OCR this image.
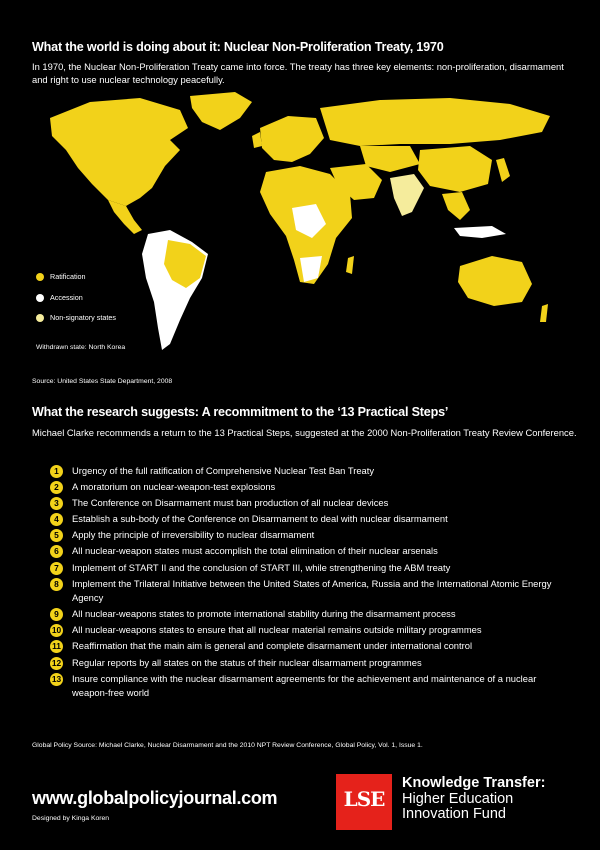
What the world is doing about it: Nuclear Non-Proliferation Treaty, 1970
In 1970, the Nuclear Non-Proliferation Treaty came into force. The treaty has three key elements: non-proliferation, disarmament and right to use nuclear technology peacefully.
Ratification
Accession
Non-signatory states
Withdrawn state: North Korea
Source: United States State Department, 2008
What the research suggests: A recommitment to the ‘13 Practical Steps’
Michael Clarke recommends a return to the 13 Practical Steps, suggested at the 2000 Non-Proliferation Treaty Review Conference.
1	Urgency of the full ratification of Comprehensive Nuclear Test Ban Treaty
2	A moratorium on nuclear-weapon-test explosions
3	The Conference on Disarmament must ban production of all nuclear devices
4	Establish a sub-body of the Conference on Disarmament to deal with nuclear disarmament
5	Apply the principle of irreversibility to nuclear disarmament
6	All nuclear-weapon states must accomplish the total elimination of their nuclear arsenals
7	Implement of START II and the conclusion of START III, while strengthening the ABM treaty
8	Implement the Trilateral Initiative between the United States of America, Russia and the International Atomic Energy Agency
9	All nuclear-weapons states to promote international stability during the disarmament process
10 All nuclear-weapons states to ensure that all nuclear material remains outside military programmes
11 Reaffirmation that the main aim is general and complete disarmament under international control
12 Regular reports by all states on the status of their nuclear disarmament programmes
13 Insure compliance with the nuclear disarmament agreements for the achievement and maintenance of a nuclear weapon-free world
Global Policy Source: Michael Clarke, Nuclear Disarmament and the 2010 NPT Review Conference, Global Policy, Vol. 1, Issue 1.
www.globalpolicyjournal.com
Designed by Kinga Koren
LSE
Knowledge Transfer:
Higher Education
Innovation Fund
